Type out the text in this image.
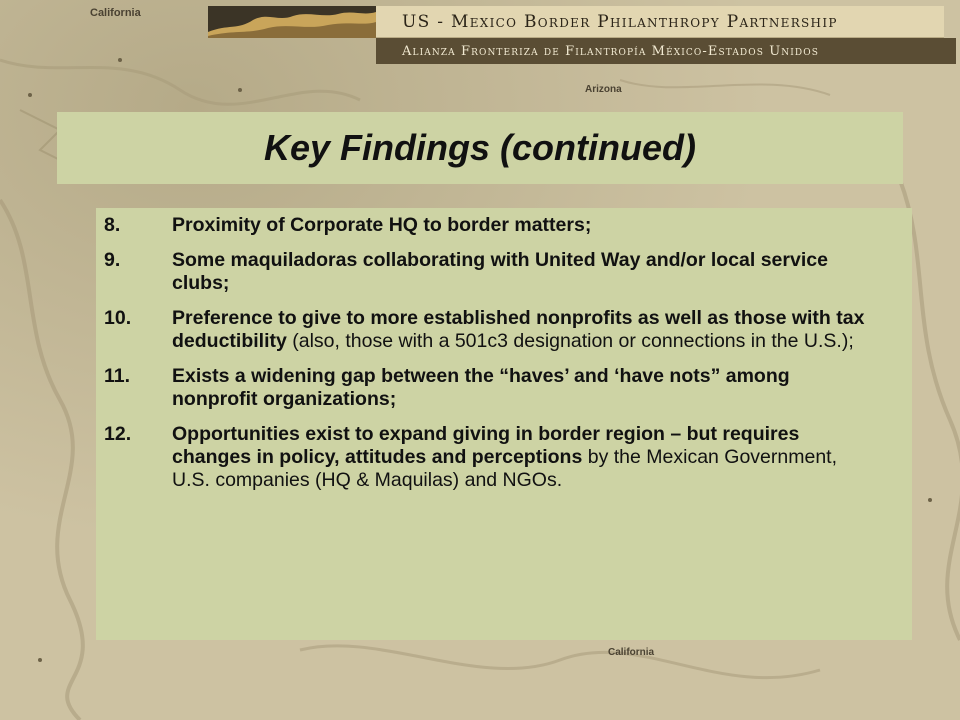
California
Arizona
California
US - Mexico Border Philanthropy Partnership
Alianza Fronteriza de Filantropía México-Estados Unidos
Key Findings (continued)
8.	Proximity of Corporate HQ to border matters;
9.	Some maquiladoras collaborating with United Way and/or local service clubs;
10.	Preference to give to more established nonprofits as well as those with tax deductibility (also, those with a 501c3 designation or connections in the U.S.);
11.	Exists a widening gap between the “haves’ and ‘have nots” among nonprofit organizations;
12.	Opportunities exist to expand giving in border region – but requires changes in policy, attitudes and perceptions by the Mexican Government, U.S. companies (HQ & Maquilas) and NGOs.
